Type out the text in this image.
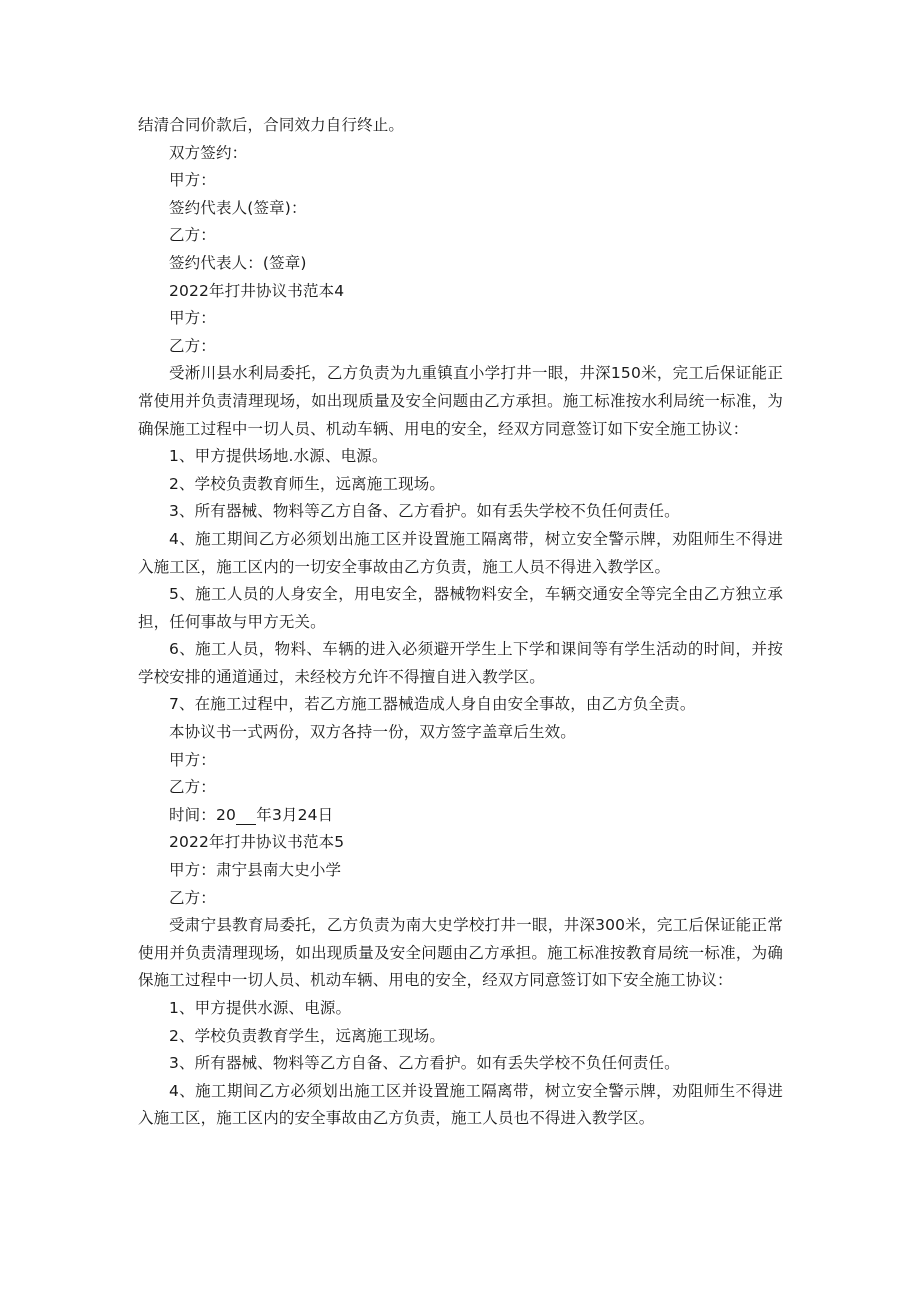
结清合同价款后，合同效力自行终止。
双方签约：
甲方：
签约代表人(签章)：
乙方：
签约代表人：(签章)
2022年打井协议书范本4
甲方：
乙方：
受淅川县水利局委托，乙方负责为九重镇直小学打井一眼，井深150米，完工后保证能正常使用并负责清理现场，如出现质量及安全问题由乙方承担。施工标准按水利局统一标准，为确保施工过程中一切人员、机动车辆、用电的安全，经双方同意签订如下安全施工协议：
1、甲方提供场地.水源、电源。
2、学校负责教育师生，远离施工现场。
3、所有器械、物料等乙方自备、乙方看护。如有丢失学校不负任何责任。
4、施工期间乙方必须划出施工区并设置施工隔离带，树立安全警示牌，劝阻师生不得进入施工区，施工区内的一切安全事故由乙方负责，施工人员不得进入教学区。
5、施工人员的人身安全，用电安全，器械物料安全，车辆交通安全等完全由乙方独立承担，任何事故与甲方无关。
6、施工人员，物料、车辆的进入必须避开学生上下学和课间等有学生活动的时间，并按学校安排的通道通过，未经校方允许不得擅自进入教学区。
7、在施工过程中，若乙方施工器械造成人身自由安全事故，由乙方负全责。
本协议书一式两份，双方各持一份，双方签字盖章后生效。
甲方：
乙方：
时间：20 年3月24日
2022年打井协议书范本5
甲方：肃宁县南大史小学
乙方：
受肃宁县教育局委托，乙方负责为南大史学校打井一眼，井深300米，完工后保证能正常使用并负责清理现场，如出现质量及安全问题由乙方承担。施工标准按教育局统一标准，为确保施工过程中一切人员、机动车辆、用电的安全，经双方同意签订如下安全施工协议：
1、甲方提供水源、电源。
2、学校负责教育学生，远离施工现场。
3、所有器械、物料等乙方自备、乙方看护。如有丢失学校不负任何责任。
4、施工期间乙方必须划出施工区并设置施工隔离带，树立安全警示牌，劝阻师生不得进入施工区，施工区内的安全事故由乙方负责，施工人员也不得进入教学区。
